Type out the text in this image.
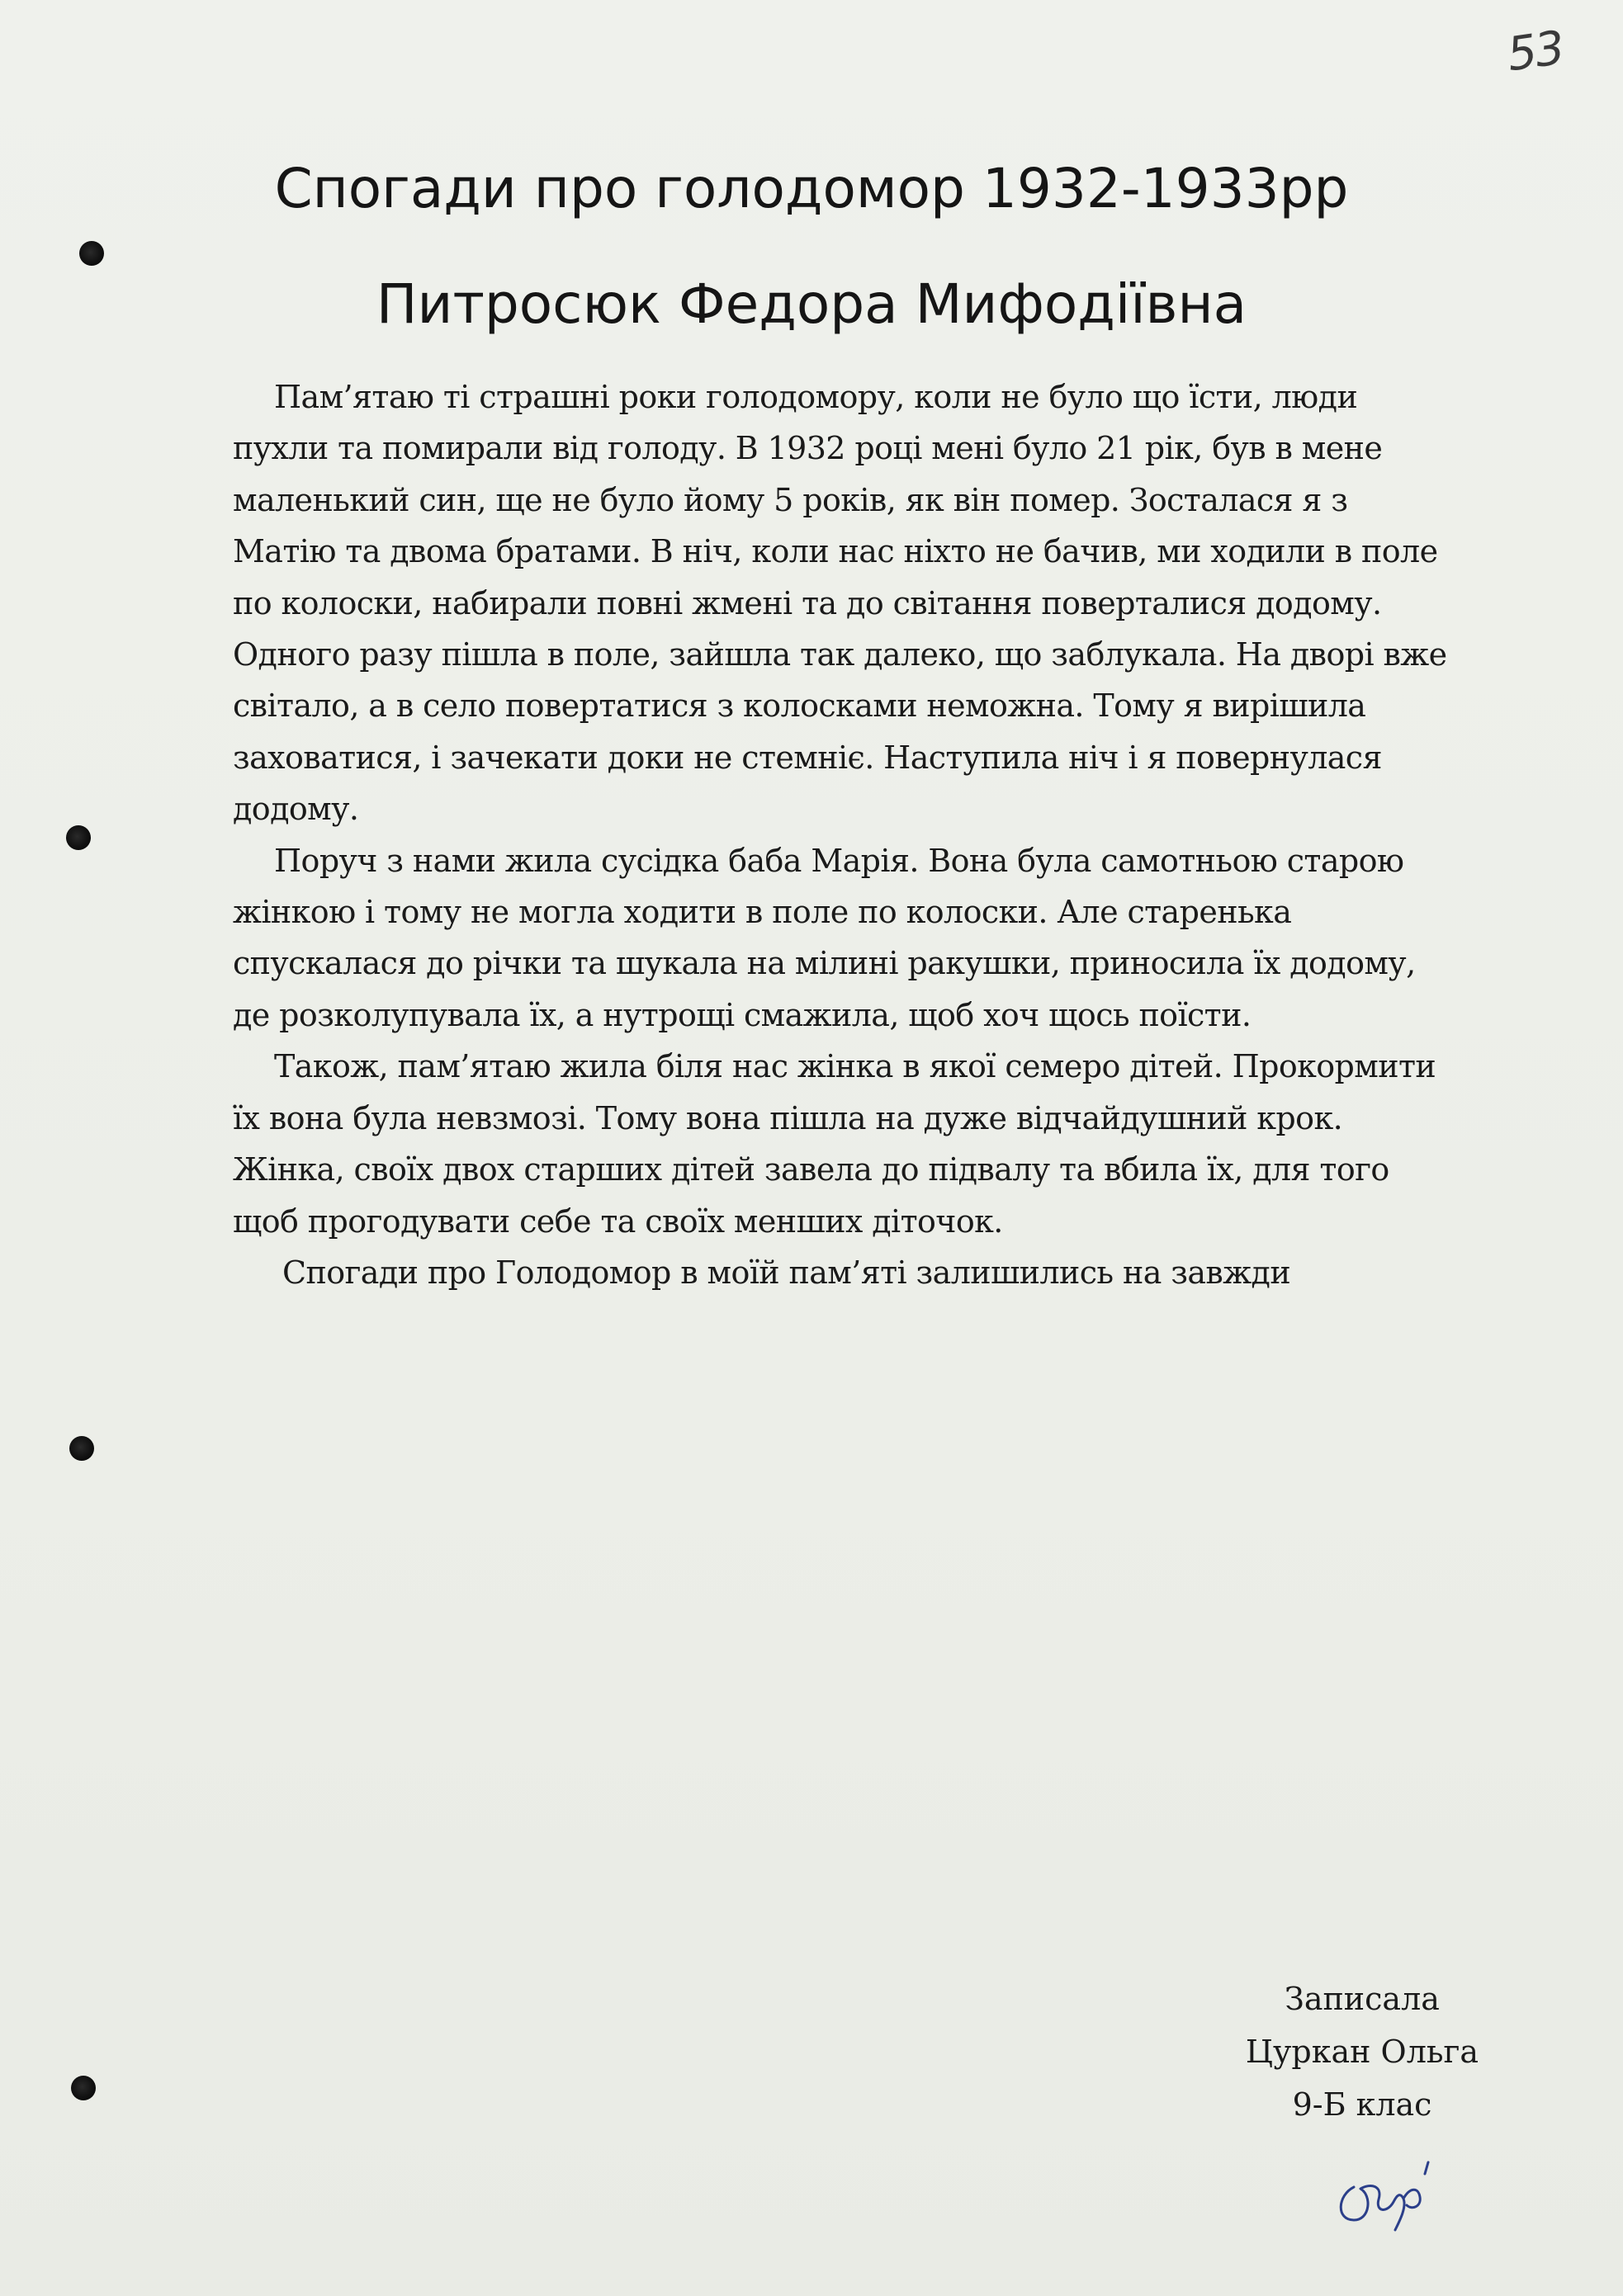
53
Спогади про голодомор 1932-1933рр
Питросюк Федора Мифодіївна

Пам’ятаю ті страшні роки голодомору, коли не було що їсти, люди

пухли та помирали від голоду. В 1932 році мені було 21 рік, був в мене

маленький син, ще не було йому 5 років, як він помер. Зосталася я з

Матію та двома братами. В ніч, коли нас ніхто не бачив, ми ходили в поле

по колоски, набирали повні жмені та до світання поверталися додому.

Одного разу пішла в поле, зайшла так далеко, що заблукала. На дворі вже

світало, а в село повертатися з колосками неможна. Тому я вирішила

заховатися, і зачекати доки не стемніє. Наступила ніч і я повернулася

додому.

Поруч з нами жила сусідка баба Марія. Вона була самотньою старою

жінкою і тому не могла ходити в поле по колоски. Але старенька

спускалася до річки та шукала на мілині ракушки, приносила їх додому,

де розколупувала їх, а нутрощі смажила, щоб хоч щось поїсти.

Також, пам’ятаю жила біля нас жінка в якої семеро дітей. Прокормити

їх вона була невзмозі. Тому вона пішла на дуже відчайдушний крок.

Жінка, своїх двох старших дітей завела до підвалу та вбила їх, для того

щоб прогодувати себе та своїх менших діточок.

Спогади про Голодомор в моїй пам’яті залишились на завжди

Записала
Цуркан Ольга
9-Б клас
